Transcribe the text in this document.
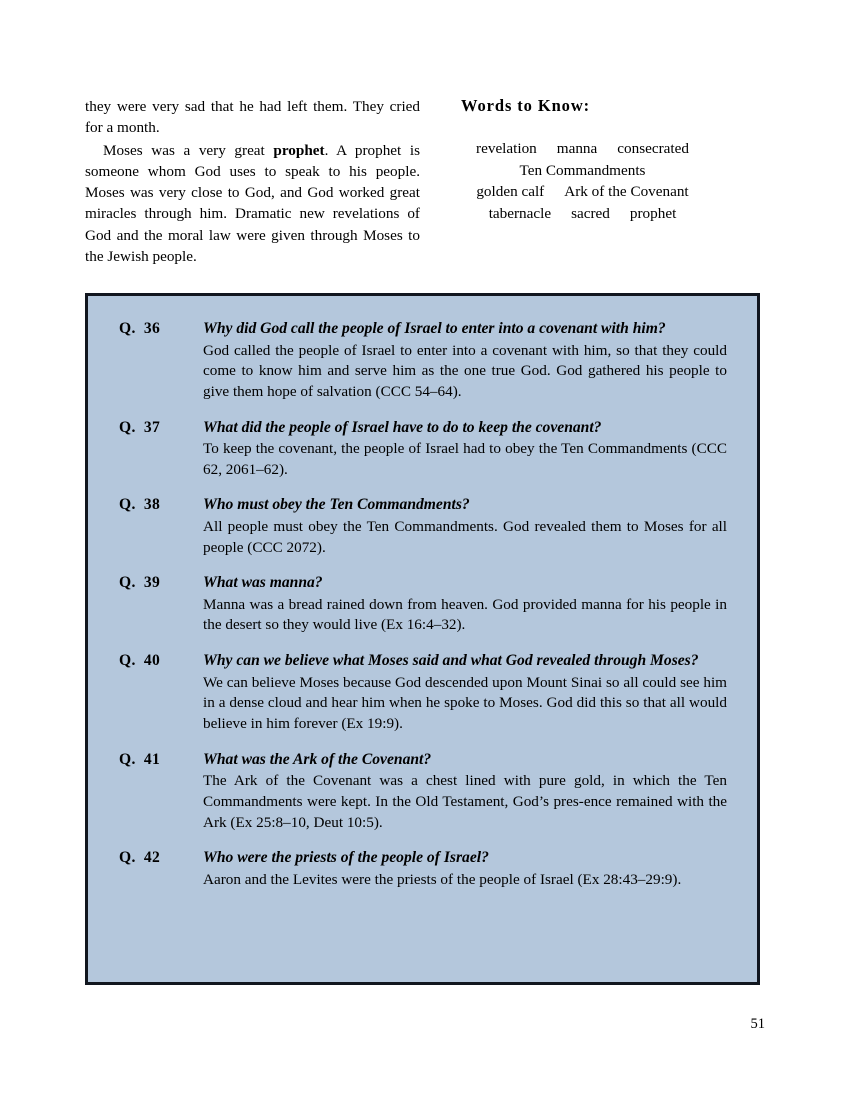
they were very sad that he had left them. They cried for a month.

Moses was a very great prophet. A prophet is someone whom God uses to speak to his people. Moses was very close to God, and God worked great miracles through him. Dramatic new revelations of God and the moral law were given through Moses to the Jewish people.

Words to Know:
revelation manna consecrated
Ten Commandments
golden calf Ark of the Covenant
tabernacle sacred prophet
Q. 36	Why did God call the people of Israel to enter into a covenant with him?

God called the people of Israel to enter into a covenant with him, so that they could come to know him and serve him as the one true God. God gathered his people to give them hope of salvation (CCC 54–64).

Q. 37	What did the people of Israel have to do to keep the covenant?

To keep the covenant, the people of Israel had to obey the Ten Commandments (CCC 62, 2061–62).

Q. 38	Who must obey the Ten Commandments?

All people must obey the Ten Commandments. God revealed them to Moses for all people (CCC 2072).

Q. 39	What was manna?

Manna was a bread rained down from heaven. God provided manna for his people in the desert so they would live (Ex 16:4–32).

Q. 40	Why can we believe what Moses said and what God revealed through Moses?

We can believe Moses because God descended upon Mount Sinai so all could see him in a dense cloud and hear him when he spoke to Moses. God did this so that all would believe in him forever (Ex 19:9).

Q. 41	What was the Ark of the Covenant?

The Ark of the Covenant was a chest lined with pure gold, in which the Ten Commandments were kept. In the Old Testament, God’s pres-ence remained with the Ark (Ex 25:8–10, Deut 10:5).

Q. 42	Who were the priests of the people of Israel?

Aaron and the Levites were the priests of the people of Israel (Ex 28:43–29:9).

51
